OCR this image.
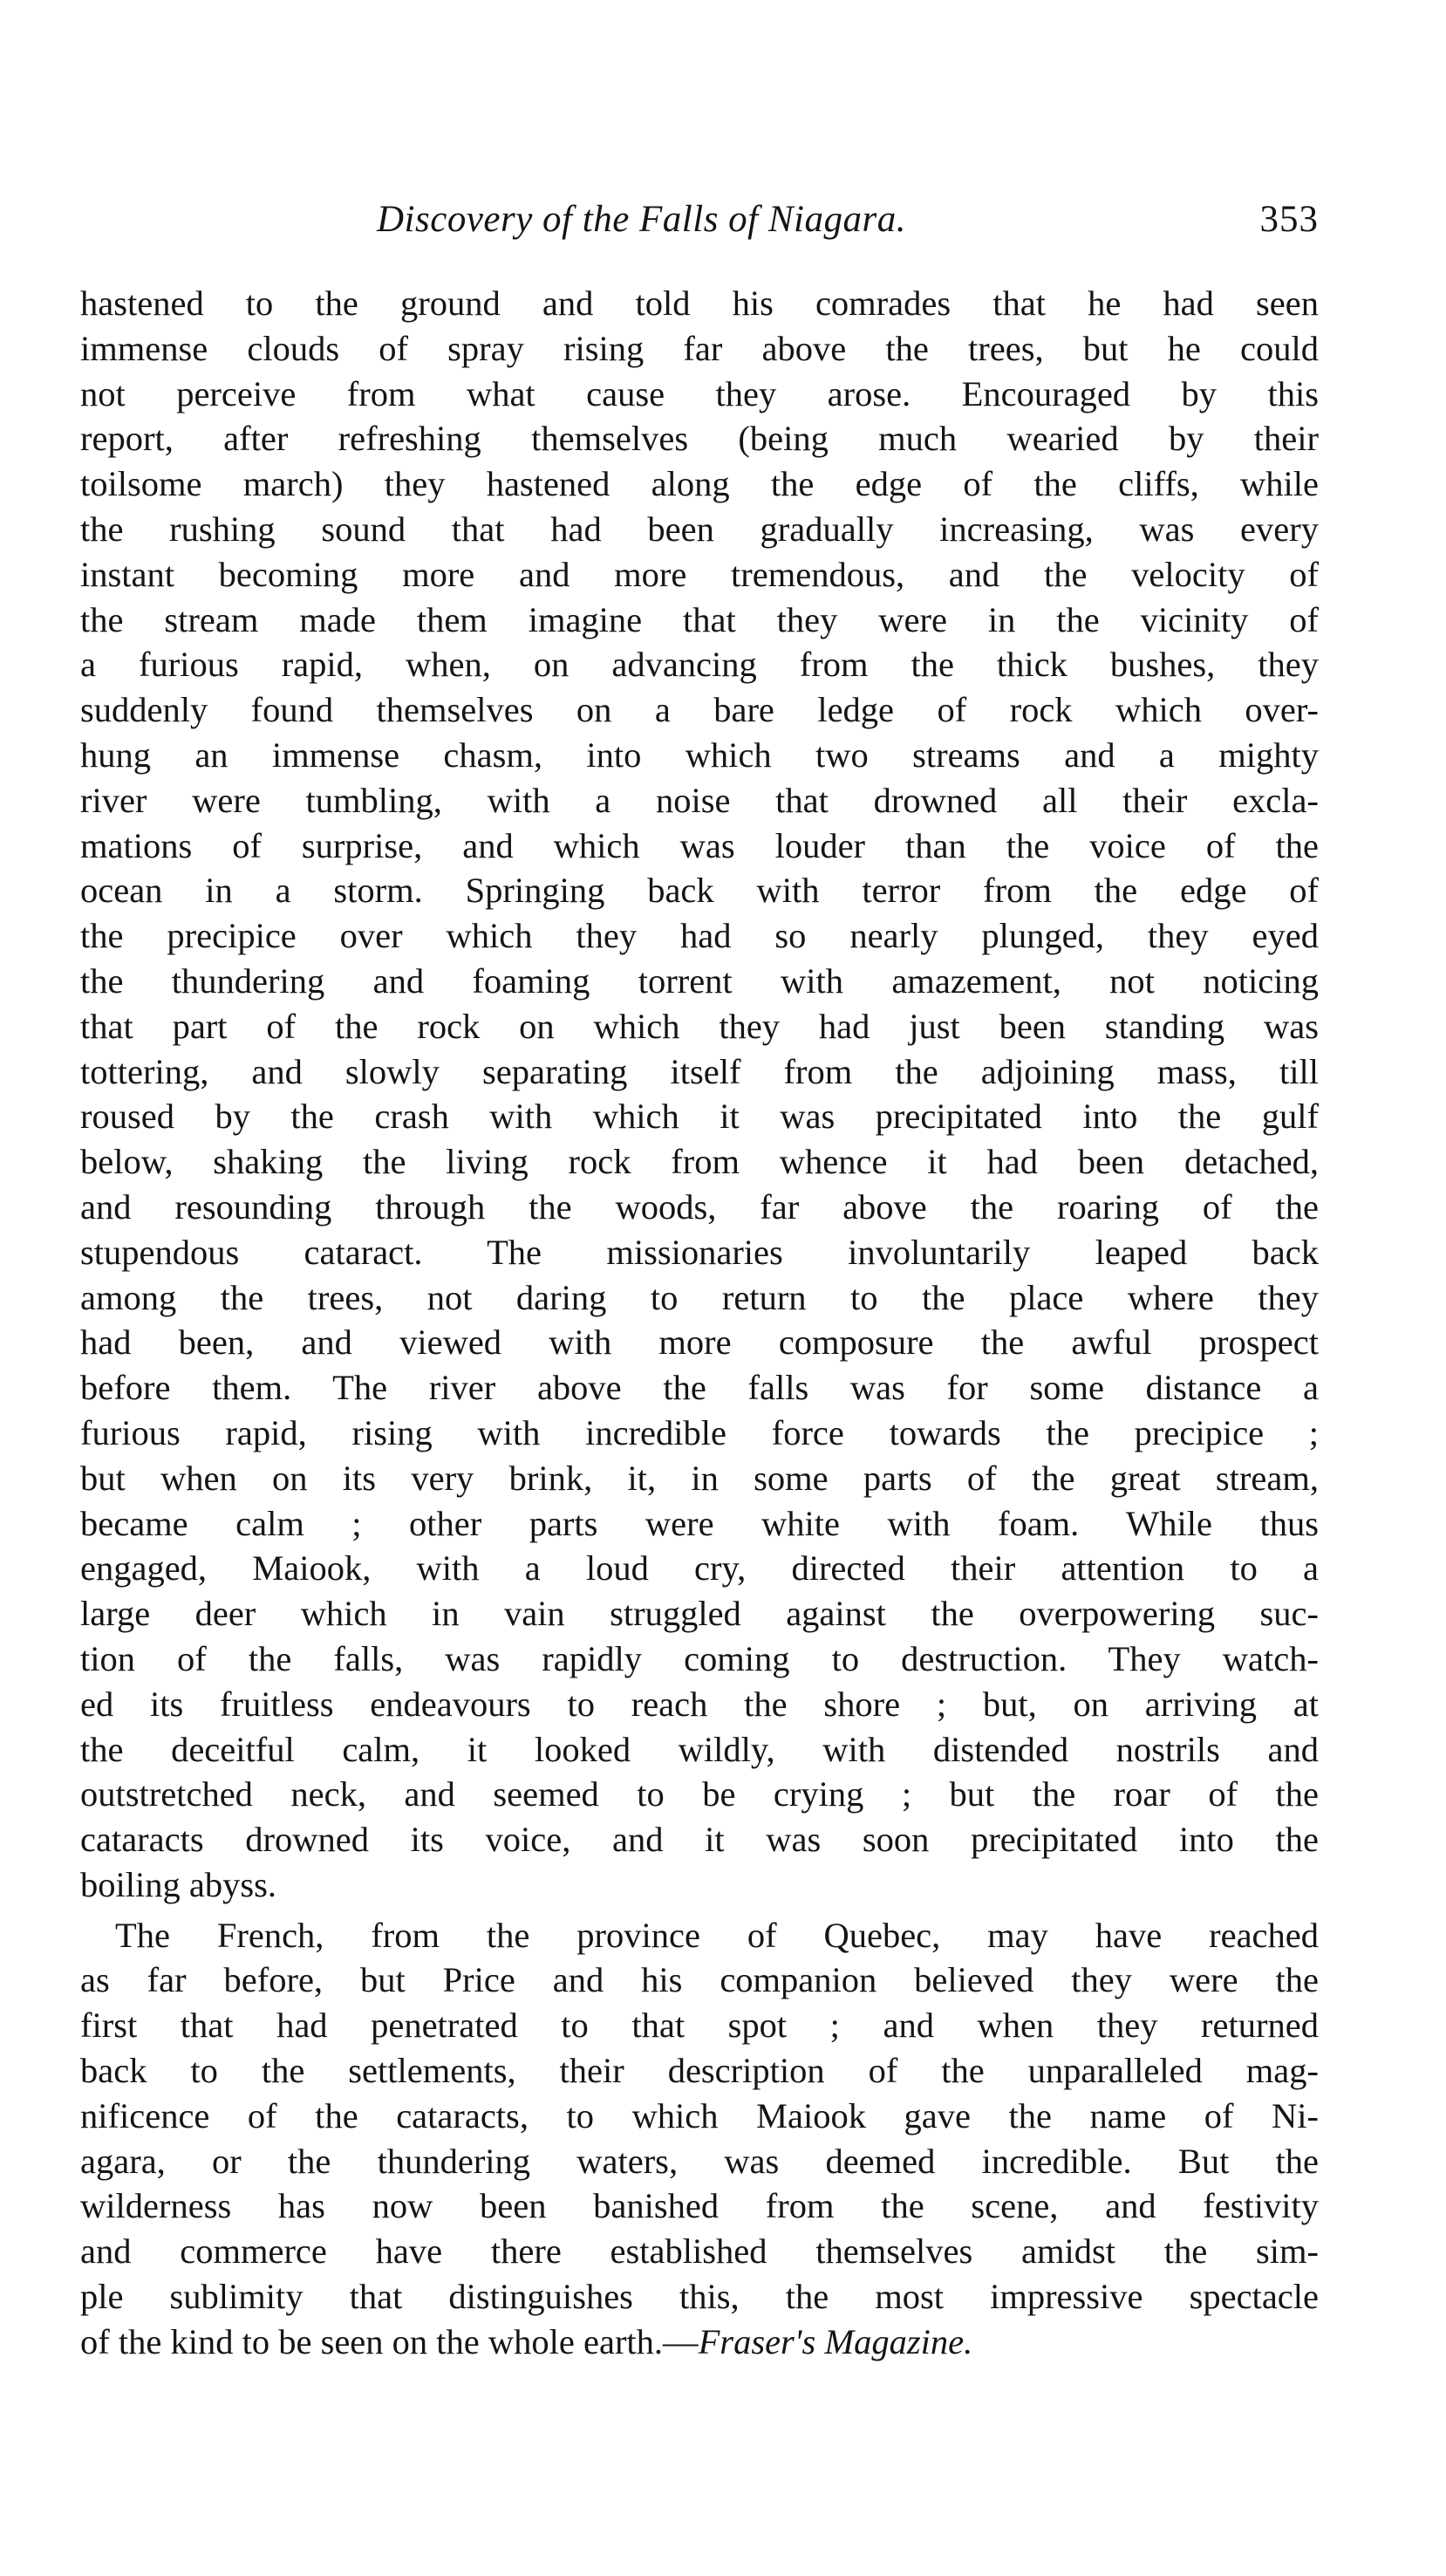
Discovery of the Falls of Niagara.	353
hastened to the ground and told his comrades that he had seen
immense clouds of spray rising far above the trees, but he could
not perceive from what cause they arose. Encouraged by this
report, after refreshing themselves (being much wearied by their
toilsome march) they hastened along the edge of the cliffs, while
the rushing sound that had been gradually increasing, was every
instant becoming more and more tremendous, and the velocity of
the stream made them imagine that they were in the vicinity of
a furious rapid, when, on advancing from the thick bushes, they
suddenly found themselves on a bare ledge of rock which over-
hung an immense chasm, into which two streams and a mighty
river were tumbling, with a noise that drowned all their excla-
mations of surprise, and which was louder than the voice of the
ocean in a storm. Springing back with terror from the edge of
the precipice over which they had so nearly plunged, they eyed
the thundering and foaming torrent with amazement, not noticing
that part of the rock on which they had just been standing was
tottering, and slowly separating itself from the adjoining mass, till
roused by the crash with which it was precipitated into the gulf
below, shaking the living rock from whence it had been detached,
and resounding through the woods, far above the roaring of the
stupendous cataract. The missionaries involuntarily leaped back
among the trees, not daring to return to the place where they
had been, and viewed with more composure the awful prospect
before them. The river above the falls was for some distance a
furious rapid, rising with incredible force towards the precipice ;
but when on its very brink, it, in some parts of the great stream,
became calm ; other parts were white with foam. While thus
engaged, Maiook, with a loud cry, directed their attention to a
large deer which in vain struggled against the overpowering suc-
tion of the falls, was rapidly coming to destruction. They watch-
ed its fruitless endeavours to reach the shore ; but, on arriving at
the deceitful calm, it looked wildly, with distended nostrils and
outstretched neck, and seemed to be crying ; but the roar of the
cataracts drowned its voice, and it was soon precipitated into the
boiling abyss.
The French, from the province of Quebec, may have reached
as far before, but Price and his companion believed they were the
first that had penetrated to that spot ; and when they returned
back to the settlements, their description of the unparalleled mag-
nificence of the cataracts, to which Maiook gave the name of Ni-
agara, or the thundering waters, was deemed incredible. But the
wilderness has now been banished from the scene, and festivity
and commerce have there established themselves amidst the sim-
ple sublimity that distinguishes this, the most impressive spectacle
of the kind to be seen on the whole earth.—Fraser's Magazine.
